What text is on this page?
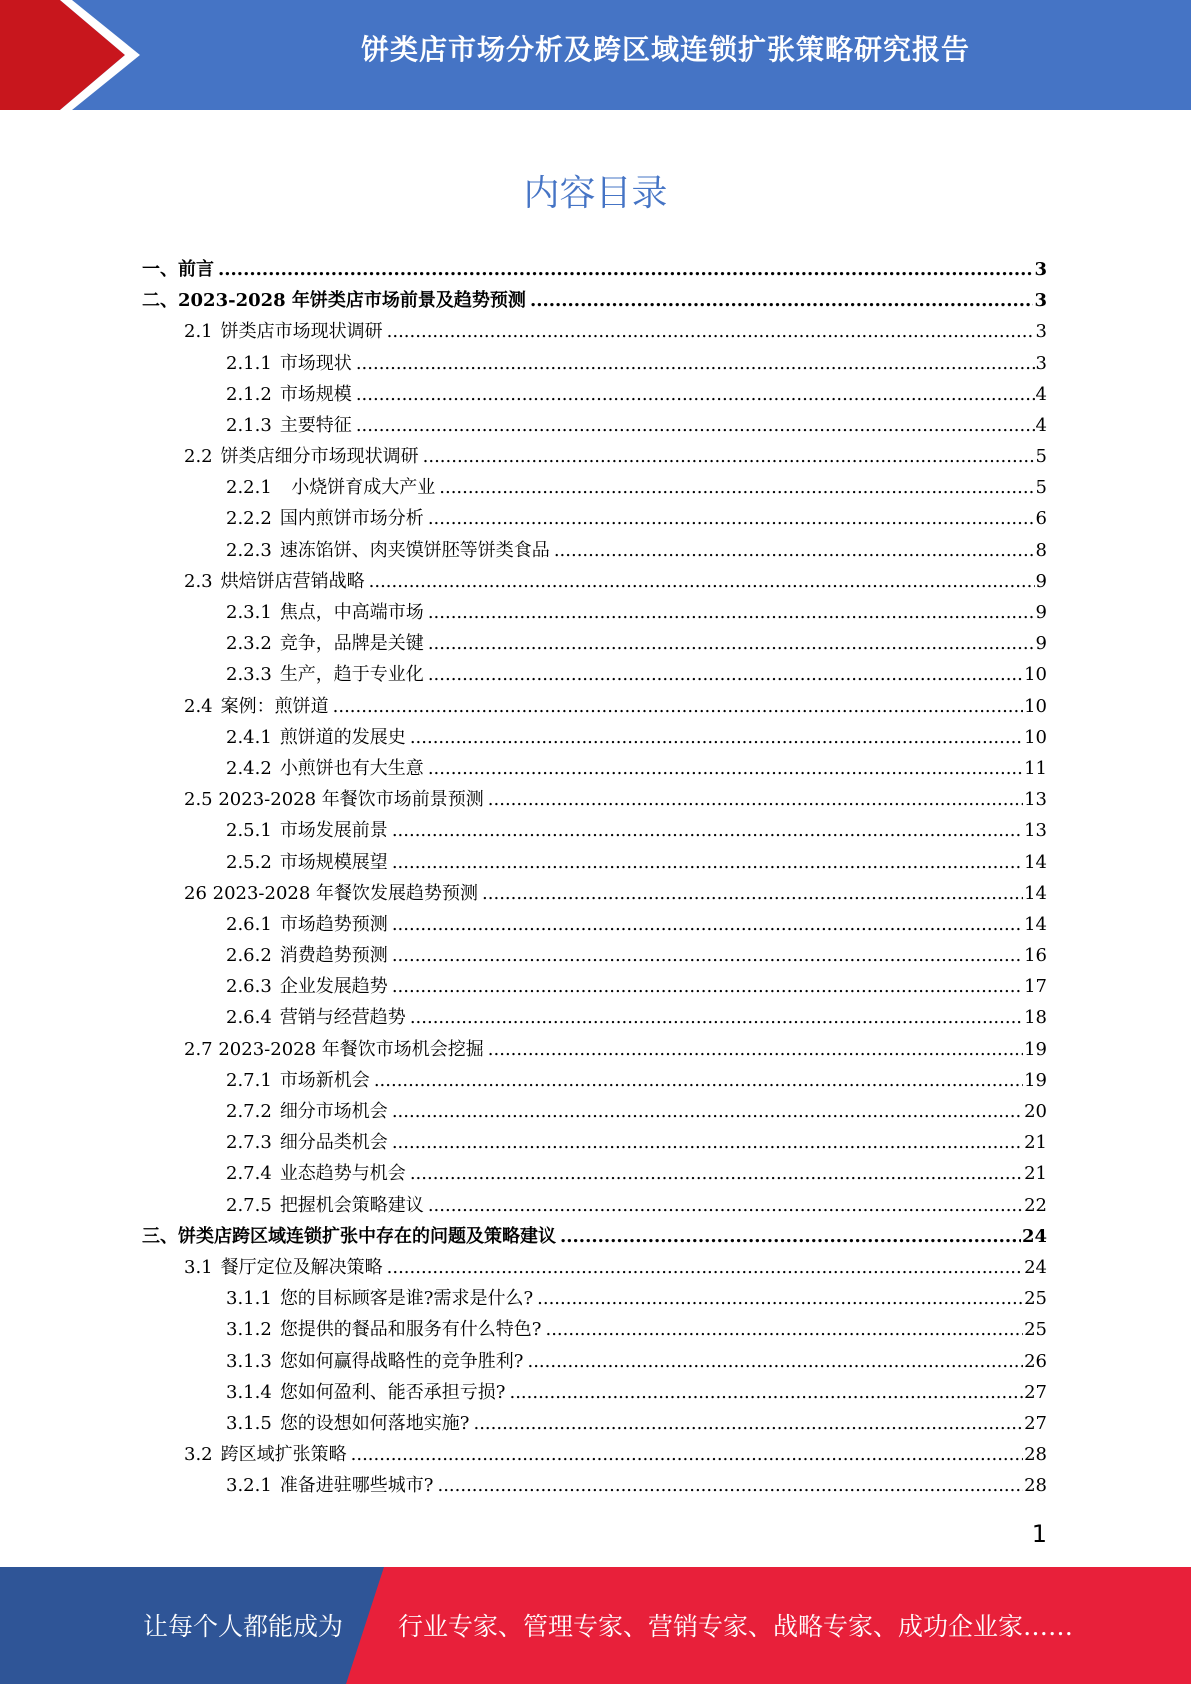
饼类店市场分析及跨区域连锁扩张策略研究报告
内容目录
一、前言 .....	3
二、2023-2028 年饼类店市场前景及趋势预测 .....	3
2.1 饼类店市场现状调研 .....	3
2.1.1 市场现状 .....	3
2.1.2 市场规模 .....	4
2.1.3 主要特征 .....	4
2.2 饼类店细分市场现状调研 .....	5
2.2.1 小烧饼育成大产业 .....	5
2.2.2 国内煎饼市场分析 .....	6
2.2.3 速冻馅饼、肉夹馍饼胚等饼类食品 .....	8
2.3 烘焙饼店营销战略 .....	9
2.3.1 焦点，中高端市场 .....	9
2.3.2 竞争，品牌是关键 .....	9
2.3.3 生产，趋于专业化 .....	10
2.4 案例：煎饼道 .....	10
2.4.1 煎饼道的发展史 .....	10
2.4.2 小煎饼也有大生意 .....	11
2.5 2023-2028 年餐饮市场前景预测 .....	13
2.5.1 市场发展前景 .....	13
2.5.2 市场规模展望 .....	14
26 2023-2028 年餐饮发展趋势预测 .....	14
2.6.1 市场趋势预测 .....	14
2.6.2 消费趋势预测 .....	16
2.6.3 企业发展趋势 .....	17
2.6.4 营销与经营趋势 .....	18
2.7 2023-2028 年餐饮市场机会挖掘 .....	19
2.7.1 市场新机会 .....	19
2.7.2 细分市场机会 .....	20
2.7.3 细分品类机会 .....	21
2.7.4 业态趋势与机会 .....	21
2.7.5 把握机会策略建议 .....	22
三、饼类店跨区域连锁扩张中存在的问题及策略建议 .....	24
3.1 餐厅定位及解决策略 .....	24
3.1.1 您的目标顾客是谁?需求是什么? .....	25
3.1.2 您提供的餐品和服务有什么特色? .....	25
3.1.3 您如何赢得战略性的竞争胜利? .....	26
3.1.4 您如何盈利、能否承担亏损? .....	27
3.1.5 您的设想如何落地实施? .....	27
3.2 跨区域扩张策略 .....	28
3.2.1 准备进驻哪些城市? .....	28
1
让每个人都能成为 行业专家、管理专家、营销专家、战略专家、成功企业家……
